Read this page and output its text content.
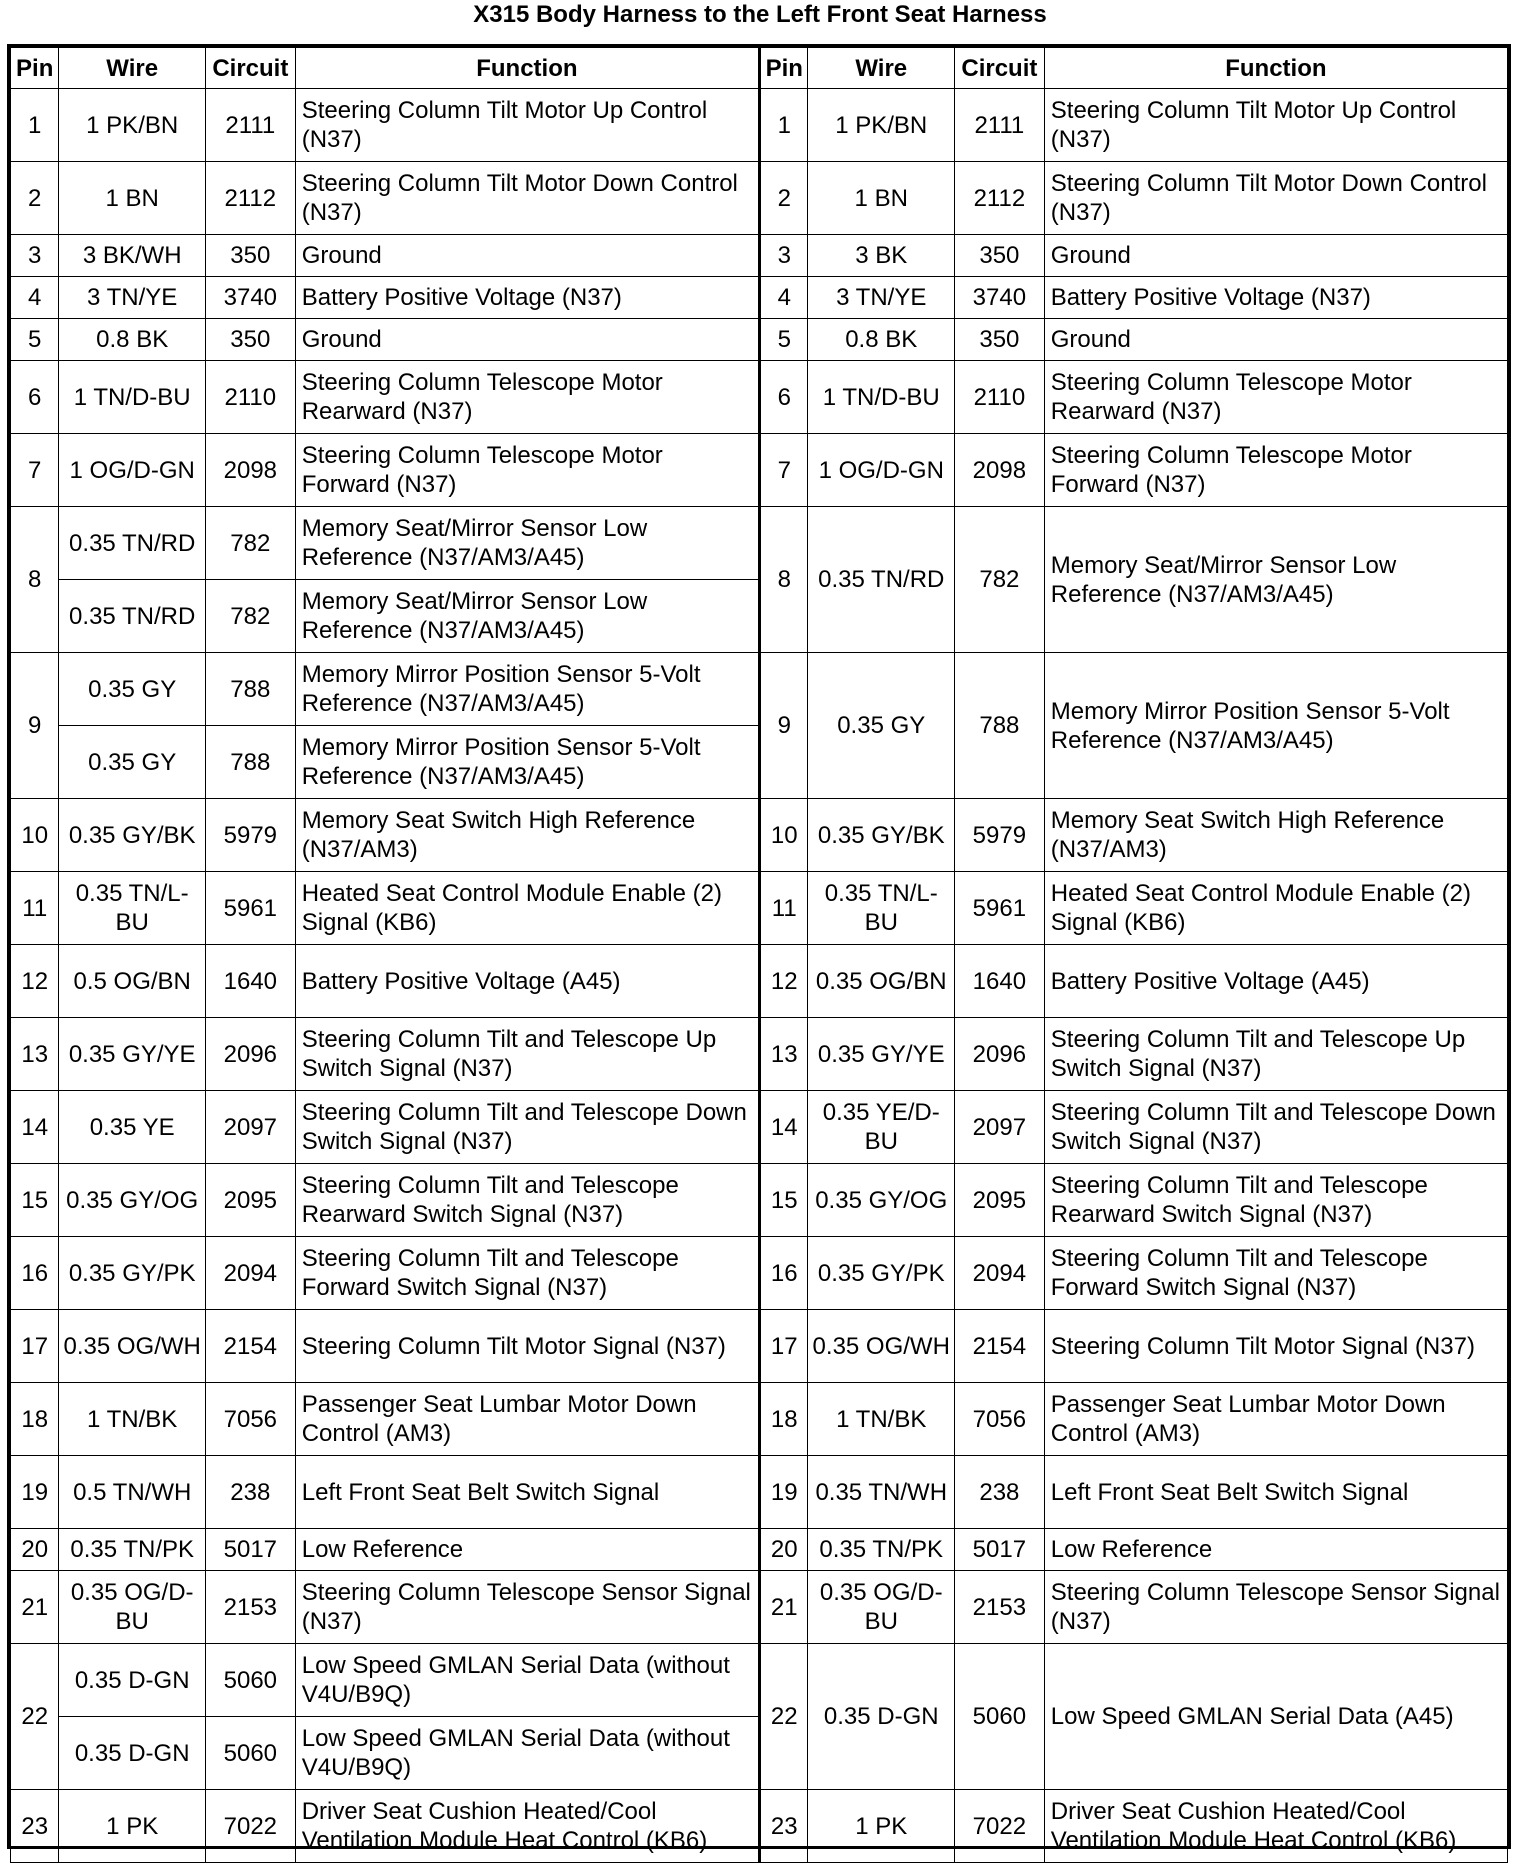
X315 Body Harness to the Left Front Seat Harness
Pin	Wire	Circuit	Function	Pin	Wire	Circuit	Function
1	1 PK/BN	2111	Steering Column Tilt Motor Up Control (N37)	1	1 PK/BN	2111	Steering Column Tilt Motor Up Control (N37)
2	1 BN	2112	Steering Column Tilt Motor Down Control (N37)	2	1 BN	2112	Steering Column Tilt Motor Down Control (N37)
3	3 BK/WH	350	Ground	3	3 BK	350	Ground
4	3 TN/YE	3740	Battery Positive Voltage (N37)	4	3 TN/YE	3740	Battery Positive Voltage (N37)
5	0.8 BK	350	Ground	5	0.8 BK	350	Ground
6	1 TN/D-BU	2110	Steering Column Telescope Motor Rearward (N37)	6	1 TN/D-BU	2110	Steering Column Telescope Motor Rearward (N37)
7	1 OG/D-GN	2098	Steering Column Telescope Motor Forward (N37)	7	1 OG/D-GN	2098	Steering Column Telescope Motor Forward (N37)
8	0.35 TN/RD	782	Memory Seat/Mirror Sensor Low Reference (N37/AM3/A45)	8	0.35 TN/RD	782	Memory Seat/Mirror Sensor Low Reference (N37/AM3/A45)
	0.35 TN/RD	782	Memory Seat/Mirror Sensor Low Reference (N37/AM3/A45)				
9	0.35 GY	788	Memory Mirror Position Sensor 5-Volt Reference (N37/AM3/A45)	9	0.35 GY	788	Memory Mirror Position Sensor 5-Volt Reference (N37/AM3/A45)
	0.35 GY	788	Memory Mirror Position Sensor 5-Volt Reference (N37/AM3/A45)				
10	0.35 GY/BK	5979	Memory Seat Switch High Reference (N37/AM3)	10	0.35 GY/BK	5979	Memory Seat Switch High Reference (N37/AM3)
11	0.35 TN/L-BU	5961	Heated Seat Control Module Enable (2) Signal (KB6)	11	0.35 TN/L-BU	5961	Heated Seat Control Module Enable (2) Signal (KB6)
12	0.5 OG/BN	1640	Battery Positive Voltage (A45)	12	0.35 OG/BN	1640	Battery Positive Voltage (A45)
13	0.35 GY/YE	2096	Steering Column Tilt and Telescope Up Switch Signal (N37)	13	0.35 GY/YE	2096	Steering Column Tilt and Telescope Up Switch Signal (N37)
14	0.35 YE	2097	Steering Column Tilt and Telescope Down Switch Signal (N37)	14	0.35 YE/D-BU	2097	Steering Column Tilt and Telescope Down Switch Signal (N37)
15	0.35 GY/OG	2095	Steering Column Tilt and Telescope Rearward Switch Signal (N37)	15	0.35 GY/OG	2095	Steering Column Tilt and Telescope Rearward Switch Signal (N37)
16	0.35 GY/PK	2094	Steering Column Tilt and Telescope Forward Switch Signal (N37)	16	0.35 GY/PK	2094	Steering Column Tilt and Telescope Forward Switch Signal (N37)
17	0.35 OG/WH	2154	Steering Column Tilt Motor Signal (N37)	17	0.35 OG/WH	2154	Steering Column Tilt Motor Signal (N37)
18	1 TN/BK	7056	Passenger Seat Lumbar Motor Down Control (AM3)	18	1 TN/BK	7056	Passenger Seat Lumbar Motor Down Control (AM3)
19	0.5 TN/WH	238	Left Front Seat Belt Switch Signal	19	0.35 TN/WH	238	Left Front Seat Belt Switch Signal
20	0.35 TN/PK	5017	Low Reference	20	0.35 TN/PK	5017	Low Reference
21	0.35 OG/D-BU	2153	Steering Column Telescope Sensor Signal (N37)	21	0.35 OG/D-BU	2153	Steering Column Telescope Sensor Signal (N37)
22	0.35 D-GN	5060	Low Speed GMLAN Serial Data (without V4U/B9Q)	22	0.35 D-GN	5060	Low Speed GMLAN Serial Data (A45)
	0.35 D-GN	5060	Low Speed GMLAN Serial Data (without V4U/B9Q)				
23	1 PK	7022	Driver Seat Cushion Heated/Cool Ventilation Module Heat Control (KB6)	23	1 PK	7022	Driver Seat Cushion Heated/Cool Ventilation Module Heat Control (KB6)
